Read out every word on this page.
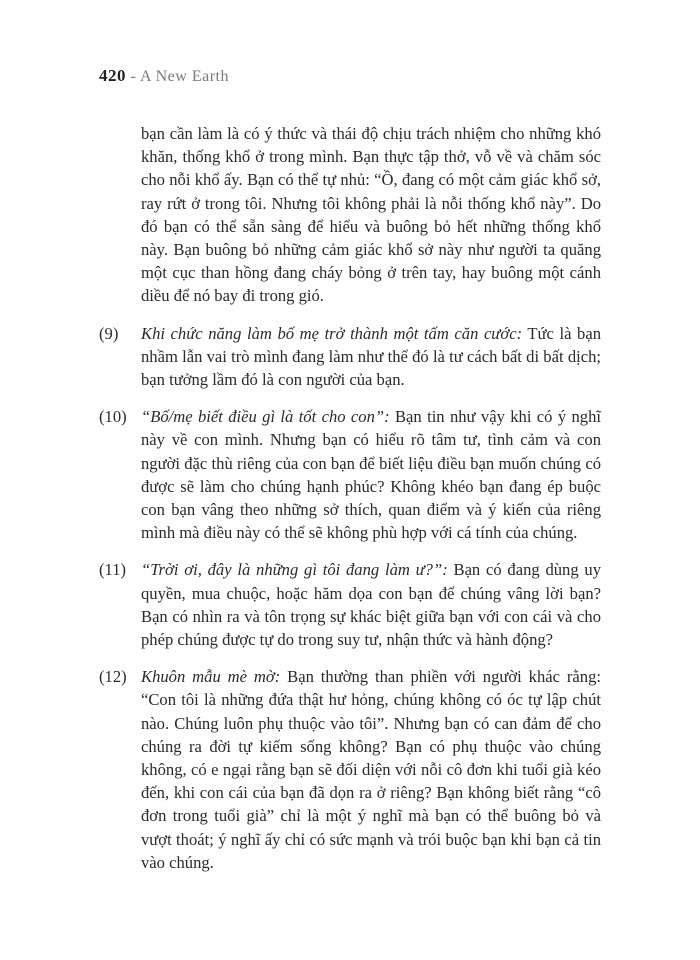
420 - A New Earth

bạn cần làm là có ý thức và thái độ chịu trách nhiệm cho những khó khăn, thống khổ ở trong mình. Bạn thực tập thở, vỗ về và chăm sóc cho nỗi khổ ấy. Bạn có thể tự nhủ: “Ồ, đang có một cảm giác khổ sở, ray rứt ở trong tôi. Nhưng tôi không phải là nỗi thống khổ này”. Do đó bạn có thể sẵn sàng để hiểu và buông bỏ hết những thống khổ này. Bạn buông bỏ những cảm giác khổ sở này như người ta quăng một cục than hồng đang cháy bỏng ở trên tay, hay buông một cánh diều để nó bay đi trong gió.

(9)	Khi chức năng làm bố mẹ trở thành một tấm căn cước: Tức là bạn nhầm lẫn vai trò mình đang làm như thể đó là tư cách bất di bất dịch; bạn tưởng lầm đó là con người của bạn.
(10) “Bố/mẹ biết điều gì là tốt cho con”: Bạn tin như vậy khi có ý nghĩ này về con mình. Nhưng bạn có hiểu rõ tâm tư, tình cảm và con người đặc thù riêng của con bạn để biết liệu điều bạn muốn chúng có được sẽ làm cho chúng hạnh phúc? Không khéo bạn đang ép buộc con bạn vâng theo những sở thích, quan điểm và ý kiến của riêng mình mà điều này có thể sẽ không phù hợp với cá tính của chúng.
(11) “Trời ơi, đây là những gì tôi đang làm ư?”: Bạn có đang dùng uy quyền, mua chuộc, hoặc hăm dọa con bạn để chúng vâng lời bạn? Bạn có nhìn ra và tôn trọng sự khác biệt giữa bạn với con cái và cho phép chúng được tự do trong suy tư, nhận thức và hành động?
(12) Khuôn mẫu mè mờ: Bạn thường than phiền với người khác rằng: “Con tôi là những đứa thật hư hỏng, chúng không có óc tự lập chút nào. Chúng luôn phụ thuộc vào tôi”. Nhưng bạn có can đảm để cho chúng ra đời tự kiếm sống không? Bạn có phụ thuộc vào chúng không, có e ngại rằng bạn sẽ đối diện với nỗi cô đơn khi tuổi già kéo đến, khi con cái của bạn đã dọn ra ở riêng? Bạn không biết rằng “cô đơn trong tuổi già” chỉ là một ý nghĩ mà bạn có thể buông bỏ và vượt thoát; ý nghĩ ấy chỉ có sức mạnh và trói buộc bạn khi bạn cả tin vào chúng.
